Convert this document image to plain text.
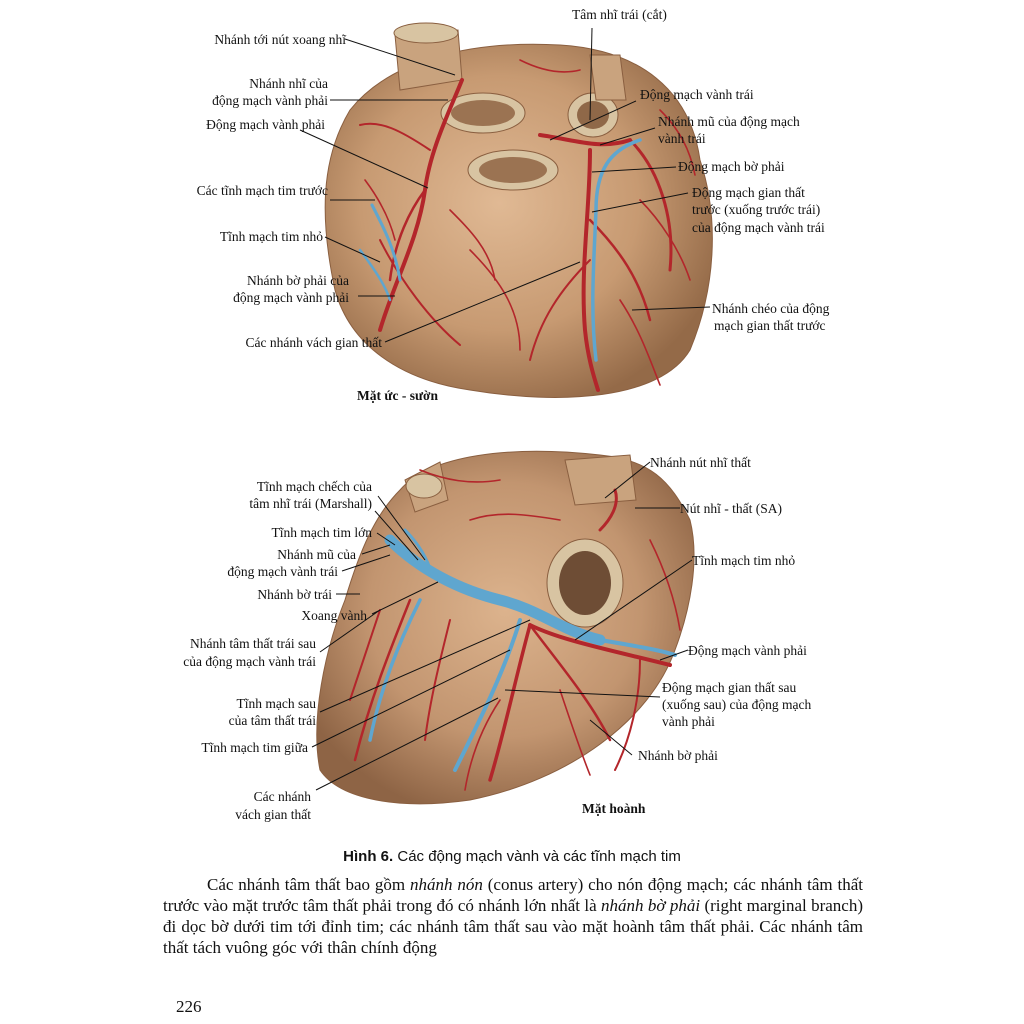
Nhánh tới nút xoang nhĩ
Nhánh nhĩ của
động mạch vành phải
Động mạch vành phải
Các tĩnh mạch tim trước
Tĩnh mạch tim nhỏ
Nhánh bờ phải của
động mạch vành phải
Các nhánh vách gian thất
Tâm nhĩ trái (cắt)
Động mạch vành trái
Nhánh mũ của động mạch
vành trái
Động mạch bờ phải
Động mạch gian thất
trước (xuống trước trái)
của động mạch vành trái
Nhánh chéo của động
mạch gian thất trước
Mặt ức - sườn
Tĩnh mạch chếch của
tâm nhĩ trái (Marshall)
Tĩnh mạch tim lớn
Nhánh mũ của
động mạch vành trái
Nhánh bờ trái
Xoang vành
Nhánh tâm thất trái sau
của động mạch vành trái
Tĩnh mạch sau
của tâm thất trái
Tĩnh mạch tim giữa
Các nhánh
vách gian thất
Nhánh nút nhĩ thất
Nút nhĩ - thất (SA)
Tĩnh mạch tim nhỏ
Động mạch vành phải
Động mạch gian thất sau
(xuống sau) của động mạch
vành phải
Nhánh bờ phải
Mặt hoành
Hình 6. Các động mạch vành và các tĩnh mạch tim

Các nhánh tâm thất bao gồm nhánh nón (conus artery) cho nón động mạch; các nhánh tâm thất trước vào mặt trước tâm thất phải trong đó có nhánh lớn nhất là nhánh bờ phải (right marginal branch) đi dọc bờ dưới tim tới đỉnh tim; các nhánh tâm thất sau vào mặt hoành tâm thất phải. Các nhánh tâm thất tách vuông góc với thân chính động

226
